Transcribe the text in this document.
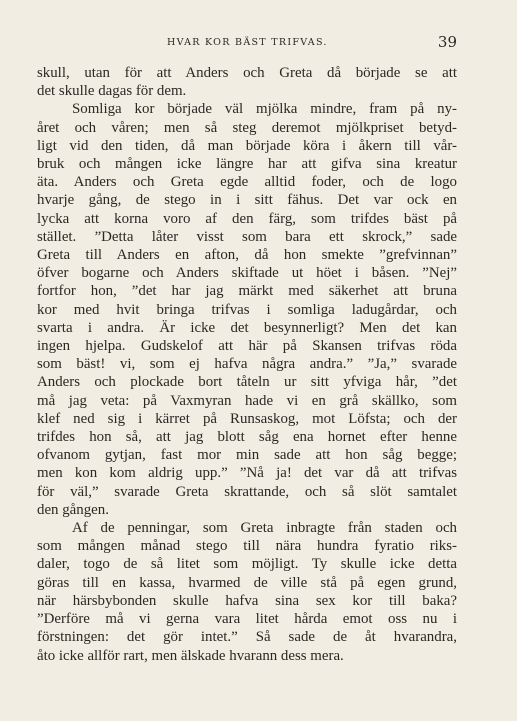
HVAR KOR BÄST TRIFVAS.	39
skull, utan för att Anders och Greta då började se att
det skulle dagas för dem.
Somliga kor började väl mjölka mindre, fram på ny-
året och våren; men så steg deremot mjölkpriset betyd-
ligt vid den tiden, då man började köra i åkern till vår-
bruk och mången icke längre har att gifva sina kreatur
äta. Anders och Greta egde alltid foder, och de logo
hvarje gång, de stego in i sitt fähus. Det var ock en
lycka att korna voro af den färg, som trifdes bäst på
stället. ”Detta låter visst som bara ett skrock,” sade
Greta till Anders en afton, då hon smekte ”grefvinnan”
öfver bogarne och Anders skiftade ut höet i båsen. ”Nej”
fortfor hon, ”det har jag märkt med säkerhet att bruna
kor med hvit bringa trifvas i somliga ladugårdar, och
svarta i andra. Är icke det besynnerligt? Men det kan
ingen hjelpa. Gudskelof att här på Skansen trifvas röda
som bäst! vi, som ej hafva några andra.” ”Ja,” svarade
Anders och plockade bort tåteln ur sitt yfviga hår, ”det
må jag veta: på Vaxmyran hade vi en grå skällko, som
klef ned sig i kärret på Runsaskog, mot Löfsta; och der
trifdes hon så, att jag blott såg ena hornet efter henne
ofvanom gytjan, fast mor min sade att hon såg begge;
men kon kom aldrig upp.” ”Nå ja! det var då att trifvas
för väl,” svarade Greta skrattande, och så slöt samtalet
den gången.
Af de penningar, som Greta inbragte från staden och
som mången månad stego till nära hundra fyratio riks-
daler, togo de så litet som möjligt. Ty skulle icke detta
göras till en kassa, hvarmed de ville stå på egen grund,
när härsbybonden skulle hafva sina sex kor till baka?
”Derföre må vi gerna vara litet hårda emot oss nu i
förstningen: det gör intet.” Så sade de åt hvarandra,
åto icke allför rart, men älskade hvarann dess mera.
